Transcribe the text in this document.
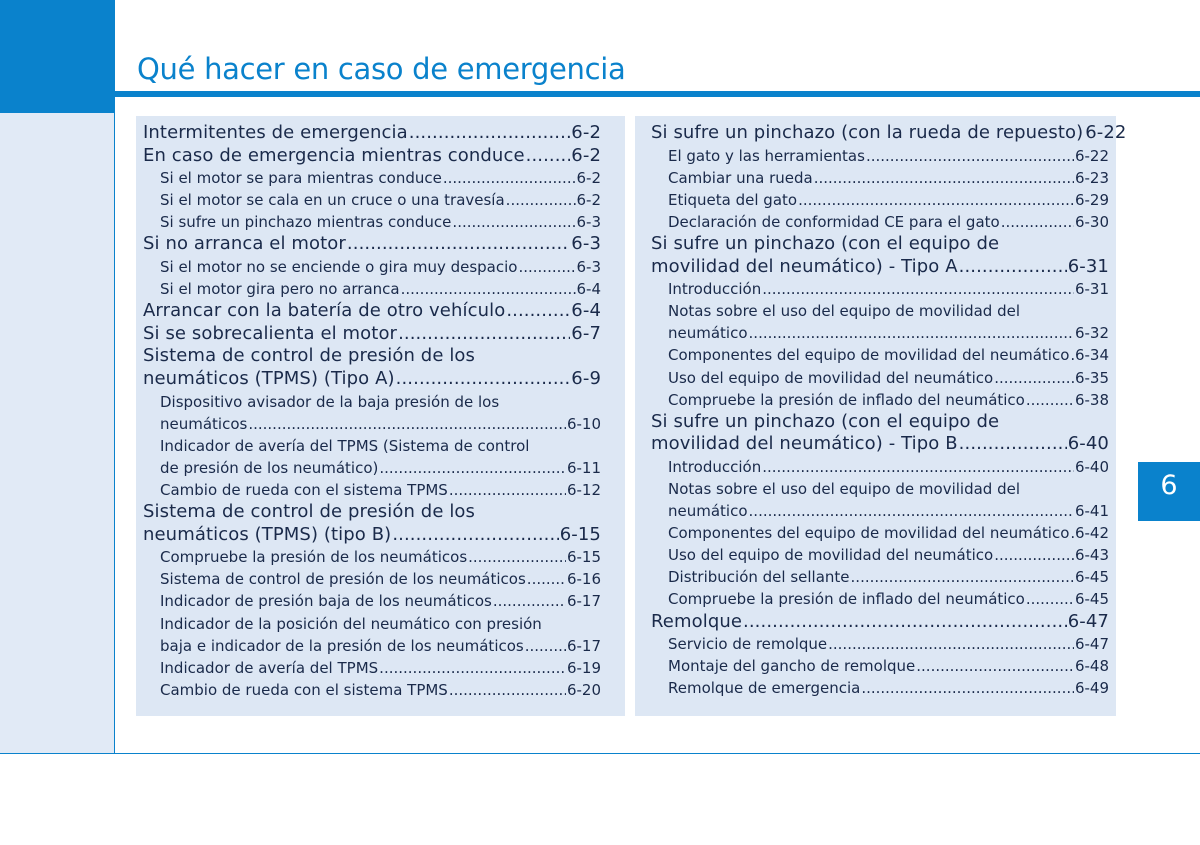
Qué hacer en caso de emergencia
Intermitentes de emergencia .....	6-2
En caso de emergencia mientras conduce .....	6-2
Si el motor se para mientras conduce .....	6-2
Si el motor se cala en un cruce o una travesía .....	6-2
Si sufre un pinchazo mientras conduce .....	6-3
Si no arranca el motor .....	6-3
Si el motor no se enciende o gira muy despacio .....	6-3
Si el motor gira pero no arranca .....	6-4
Arrancar con la batería de otro vehículo .....	6-4
Si se sobrecalienta el motor .....	6-7
Sistema de control de presión de los
neumáticos (TPMS) (Tipo A) .....	6-9
Dispositivo avisador de la baja presión de los
neumáticos .....	6-10
Indicador de avería del TPMS (Sistema de control
de presión de los neumático) .....	6-11
Cambio de rueda con el sistema TPMS .....	6-12
Sistema de control de presión de los
neumáticos (TPMS) (tipo B) .....	6-15
Compruebe la presión de los neumáticos .....	6-15
Sistema de control de presión de los neumáticos .....	6-16
Indicador de presión baja de los neumáticos .....	6-17
Indicador de la posición del neumático con presión
baja e indicador de la presión de los neumáticos .....	6-17
Indicador de avería del TPMS .....	6-19
Cambio de rueda con el sistema TPMS .....	6-20
Si sufre un pinchazo (con la rueda de repuesto) 6-22
El gato y las herramientas .....	6-22
Cambiar una rueda .....	6-23
Etiqueta del gato .....	6-29
Declaración de conformidad CE para el gato .....	6-30
Si sufre un pinchazo (con el equipo de
movilidad del neumático) - Tipo A .....	6-31
Introducción .....	6-31
Notas sobre el uso del equipo de movilidad del
neumático .....	6-32
Componentes del equipo de movilidad del neumático ..... 6-34
Uso del equipo de movilidad del neumático .....	6-35
Compruebe la presión de inflado del neumático .....	6-38
Si sufre un pinchazo (con el equipo de
movilidad del neumático) - Tipo B .....	6-40
Introducción .....	6-40
Notas sobre el uso del equipo de movilidad del
neumático .....	6-41
Componentes del equipo de movilidad del neumático ..... 6-42
Uso del equipo de movilidad del neumático .....	6-43
Distribución del sellante .....	6-45
Compruebe la presión de inflado del neumático .....	6-45
Remolque .....	6-47
Servicio de remolque .....	6-47
Montaje del gancho de remolque .....	6-48
Remolque de emergencia .....	6-49
6
